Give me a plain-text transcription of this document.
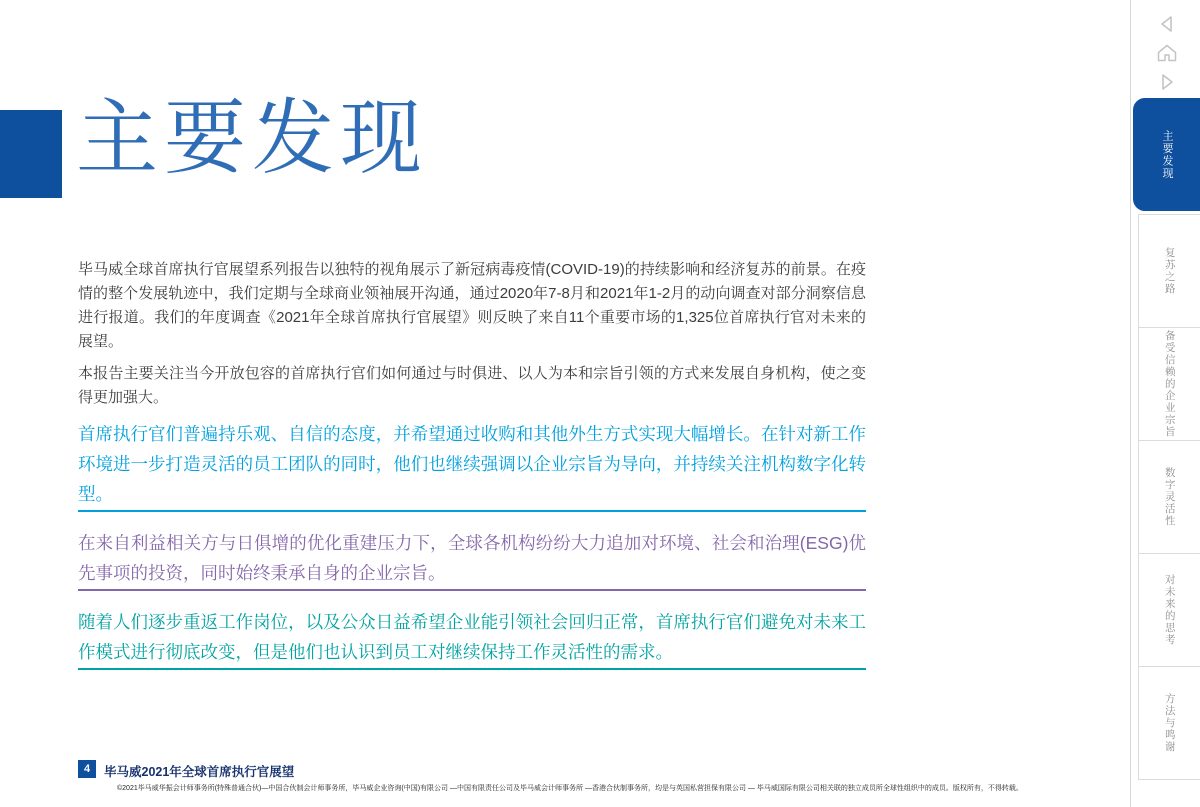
主要发现

毕马威全球首席执行官展望系列报告以独特的视角展示了新冠病毒疫情(COVID-19)的持续影响和经济复苏的前景。在疫情的整个发展轨迹中，我们定期与全球商业领袖展开沟通，通过2020年7-8月和2021年1-2月的动向调查对部分洞察信息进行报道。我们的年度调查《2021年全球首席执行官展望》则反映了来自11个重要市场的1,325位首席执行官对未来的展望。

本报告主要关注当今开放包容的首席执行官们如何通过与时俱进、以人为本和宗旨引领的方式来发展自身机构，使之变得更加强大。

首席执行官们普遍持乐观、自信的态度，并希望通过收购和其他外生方式实现大幅增长。在针对新工作环境进一步打造灵活的员工团队的同时，他们也继续强调以企业宗旨为导向，并持续关注机构数字化转型。

在来自利益相关方与日俱增的优化重建压力下，全球各机构纷纷大力追加对环境、社会和治理(ESG)优先事项的投资，同时始终秉承自身的企业宗旨。

随着人们逐步重返工作岗位，以及公众日益希望企业能引领社会回归正常，首席执行官们避免对未来工作模式进行彻底改变，但是他们也认识到员工对继续保持工作灵活性的需求。

主要发现
复苏之路
备受信赖的企业宗旨
数字灵活性
对未来的思考
方法与鸣谢
4	毕马威2021年全球首席执行官展望
©2021毕马威华振会计师事务所(特殊普通合伙)—中国合伙制会计师事务所，毕马威企业咨询(中国)有限公司 —中国有限责任公司及毕马威会计师事务所 —香港合伙制事务所，均是与英国私营担保有限公司 — 毕马威国际有限公司相关联的独立成员所全球性组织中的成员。版权所有，不得转载。
